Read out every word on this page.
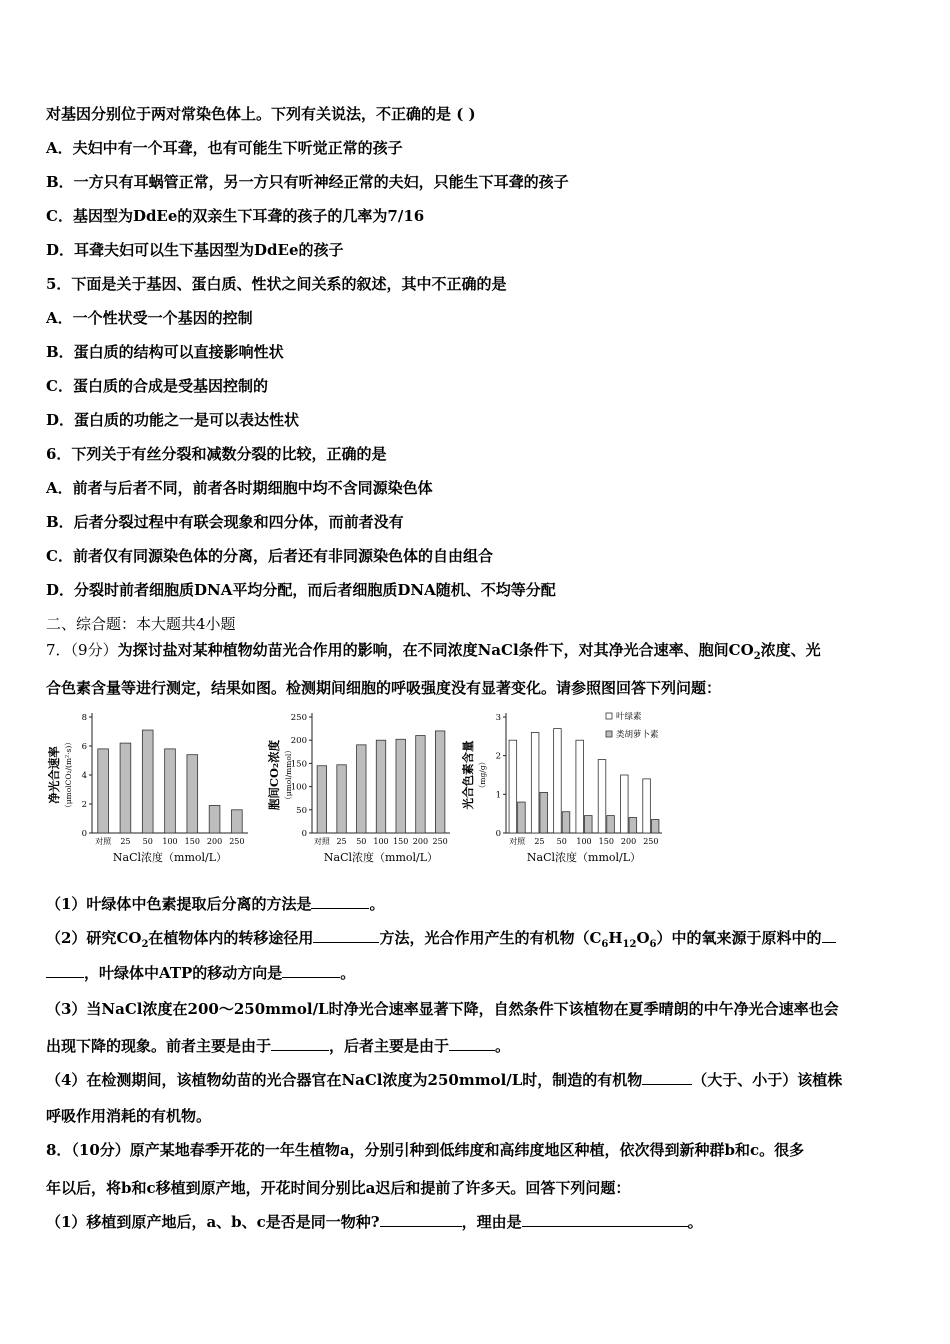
对基因分别位于两对常染色体上。下列有关说法，不正确的是 ( )
A．夫妇中有一个耳聋，也有可能生下听觉正常的孩子
B．一方只有耳蜗管正常，另一方只有听神经正常的夫妇，只能生下耳聋的孩子
C．基因型为DdEe的双亲生下耳聋的孩子的几率为7/16
D．耳聋夫妇可以生下基因型为DdEe的孩子
5．下面是关于基因、蛋白质、性状之间关系的叙述，其中不正确的是
A．一个性状受一个基因的控制
B．蛋白质的结构可以直接影响性状
C．蛋白质的合成是受基因控制的
D．蛋白质的功能之一是可以表达性状
6．下列关于有丝分裂和减数分裂的比较，正确的是
A．前者与后者不同，前者各时期细胞中均不含同源染色体
B．后者分裂过程中有联会现象和四分体，而前者没有
C．前者仅有同源染色体的分离，后者还有非同源染色体的自由组合
D．分裂时前者细胞质DNA平均分配，而后者细胞质DNA随机、不均等分配
二、综合题：本大题共4小题
7．（9分）为探讨盐对某种植物幼苗光合作用的影响，在不同浓度NaCl条件下，对其净光合速率、胞间$CO_2$浓度、光
合色素含量等进行测定，结果如图。检测期间细胞的呼吸强度没有显著变化。请参照图回答下列问题：
0
2
4
6
8
对照 25 50 100 150 200 250
NaCl浓度（mmol/L）
净光合速率 （μmolCO₂/(m²·s)）
0
50
100
150
200
250
对照 25 50 100 150 200 250
NaCl浓度（mmol/L）
胞间CO₂浓度 （μmol/mmol）
0
1
2
3
对照 25 50 100 150 200 250
NaCl浓度（mmol/L）
光合色素含量 （mg/g）
叶绿素
类胡萝卜素
（1）叶绿体中色素提取后分离的方法是	。
（2）研究$CO_2$在植物体内的转移途径用	方法，光合作用产生的有机物$(C_6H_{12}O_6)$中的氧来源于原料中的
，叶绿体中ATP的移动方向是	。
（3）当NaCl浓度在200～250mmol/L时净光合速率显著下降，自然条件下该植物在夏季晴朗的中午净光合速率也会
出现下降的现象。前者主要是由于	，后者主要是由于	。
（4）在检测期间，该植物幼苗的光合器官在NaCl浓度为250mmol/L时，制造的有机物	（大于、小于）该植株
呼吸作用消耗的有机物。
8．（10分）原产某地春季开花的一年生植物a，分别引种到低纬度和高纬度地区种植，依次得到新种群b和c。很多
年以后，将b和c移植到原产地，开花时间分别比a迟后和提前了许多天。回答下列问题：
（1）移植到原产地后，a、b、c是否是同一物种?	，理由是	。
